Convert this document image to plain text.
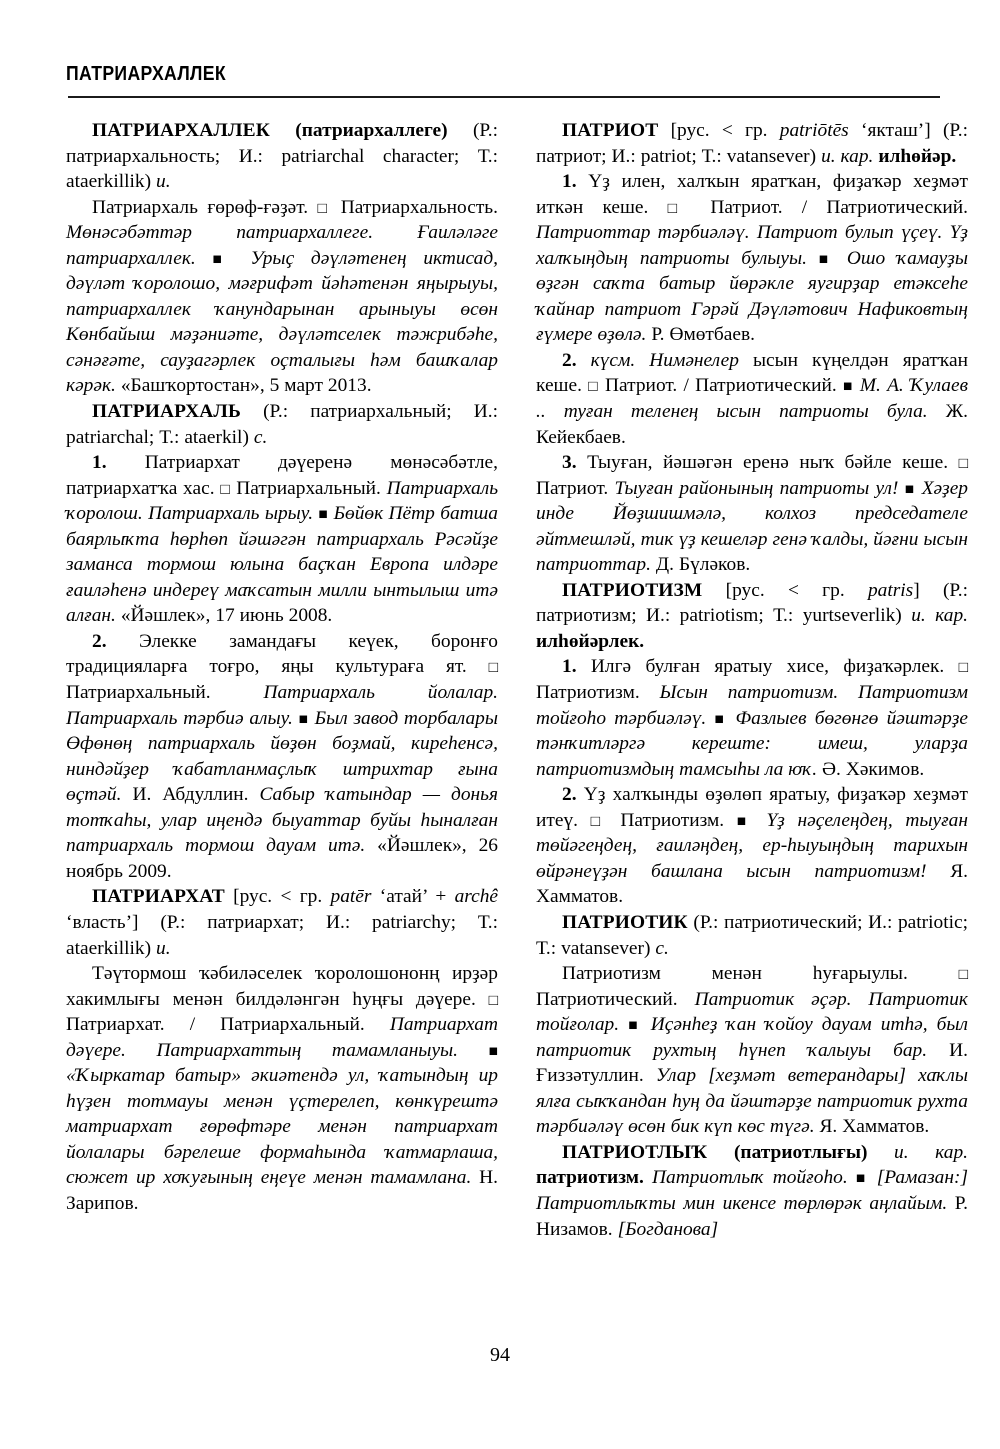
ПАТРИАРХАЛЛЕК

ПАТРИАРХАЛЛЕК (патриархаллеге) (Р.: патриархальность; И.: patriarchal character; Т.: ataerkillik) и.

Патриархаль ғөрөф-ғәҙәт. □ Патриархальность. Мөнәсәбәттәр патриархаллеге. Ғаиләләге патриархаллек. ■	Урыҫ дәүләтенең иктисад, дәүләт ҡоролошо, мәғрифәт йәһәтенән яңырыуы, патриархаллек ҡанундарынан арыныуы өсөн Көнбайыш мәҙәниәте, дәүләтселек тәжрибәһе, сәнәғәте, сауҙагәрлек оҫталығы һәм башҡалар кәрәк. «Башҡортостан», 5 март 2013.

ПАТРИАРХАЛЬ (Р.: патриархальный; И.: patriarchal; Т.: ataerkil) с.

1. Патриархат дәүеренә мөнәсәбәтле, патриархатҡа хас. □ Патриархальный. Патриархаль ҡоролош. Патриархаль ырыу. ■ Бөйөк Пётр батша баярлыҡта һөрһөп йәшәгән патриархаль Рәсәйҙе заманса тормош юлына баҫҡан Европа илдәре ғаиләһенә индереү маҡсатын милли ынтылыш итә алған. «Йәшлек», 17 июнь 2008.

2. Элекке замандағы кеүек, боронғо традицияларға тоғро, яңы культураға ят. □ Патриархальный.	Патриархаль йолалар. Патриархаль тәрбиә алыу. ■ Был завод торбалары Өфөнөң патриархаль йөҙөн боҙмай, киреһенсә, ниндәйҙер ҡабатланмаҫлыҡ штрихтар ғына өҫтәй. И. Абдуллин. Сабыр ҡатындар — донья тотҡаһы, улар иңендә быуаттар буйы һыналған патриархаль тормош дауам итә. «Йәшлек», 26 ноябрь 2009.

ПАТРИАРХАТ [рус. < гр. patēr ‘атай’ + archê ‘власть’] (Р.: патриархат; И.: patriarchy; Т.: ataerkillik) и.

Тәүтормош ҡәбиләселек ҡоролошононң ирҙәр хакимлығы менән билдәләнгән һуңғы дәүере. □ Патриархат. / Патриархальный. Патриархат дәүере. Патриархаттың тамамланыуы. ■ «Ҡыркатар батыр» әкиәтендә ул, ҡатындың ир һүҙен тотмауы менән үҫтерелеп, көнкүрештә матриархат ғөрөфтәре менән патриархат йолалары бәрелеше формаһында ҡатмарлаша, сюжет ир хоҡуғының еңеүе менән тамамлана. Н. Зарипов.

ПАТРИОТ [рус. < гр. patriōtēs ‘якташ’] (Р.: патриот; И.: patriot; Т.: vatansever) и. кар. илһөйәр.

1. Үҙ илен, халҡын яратҡан, фиҙаҡәр хеҙмәт иткән кеше. □	Патриот. / Патриотический. Патриоттар тәрбиәләү. Патриот булып үҫеү. Үҙ халҡыңдың патриоты булыуы. ■ Ошо ҡамауҙы өҙгән саҡта батыр йөрәкле яугирҙар етәксеһе ҡайнар патриот Гәрәй Дәүләтович Нафиковтың ғүмере өҙөлә. Р. Өмөтбаев.

2. күсм. Нимәнелер ысын күңелдән яратҡан кеше. □ Патриот. / Патриотический. ■ М. А. Ҡулаев .. туған теленең ысын патриоты була. Ж. Кейекбаев.

3. Тыуған, йәшәгән еренә ныҡ бәйле кеше. □ Патриот. Тыуған районының патриоты ул! ■ Хәҙер инде Йөҙшишмәлә, колхоз председателе әйтмешләй, тик үҙ кешеләр генә ҡалды, йәғни ысын патриоттар. Д. Бүләков.

ПАТРИОТИЗМ [рус. < гр. patris] (Р.: патриотизм; И.: patriotism; Т.: yurtseverlik) и. кар. илһөйәрлек.

1. Илгә булған яратыу хисе, фиҙаҡәрлек. □ Патриотизм. Ысын патриотизм. Патриотизм тойғоһо тәрбиәләү. ■ Фазлыев бөгөнгө йәштәрҙе тәнҡитләргә кереште: имеш, уларҙа патриотизмдың тамсыһы ла юҡ. Ә. Хәкимов.

2. Үҙ халҡынды өҙөлөп яратыу, фиҙаҡәр хеҙмәт итеү. □ Патриотизм. ■ Үҙ нәҫелеңдең, тыуған төйәгеңдең, ғаиләңдең, ер-һыуыңдың тарихын өйрәнеүҙән башлана ысын патриотизм! Я. Хамматов.

ПАТРИОТИК (Р.: патриотический; И.: patriotic; Т.: vatansever) с.

Патриотизм менән һуғарыулы. □ Патриотический. Патриотик әҫәр. Патриотик тойғолар. ■ Иҫәнһеҙ ҡан ҡойоу дауам итһә, был патриотик рухтың һүнеп ҡалыуы бар. И. Ғиззәтуллин. Улар [хеҙмәт ветерандары] хаҡлы ялға сыҡҡандан һуң да йәштәрҙе патриотик рухта тәрбиәләү өсөн бик күп көс түгә. Я. Хамматов.

ПАТРИОТЛЫҠ (патриотлығы) и. кар. патриотизм. Патриотлыҡ тойғоһо. ■ [Рамазан:] Патриотлыҡты мин икенсе төрлөрәк аңлайым. Р. Низамов. [Богданова]

94
